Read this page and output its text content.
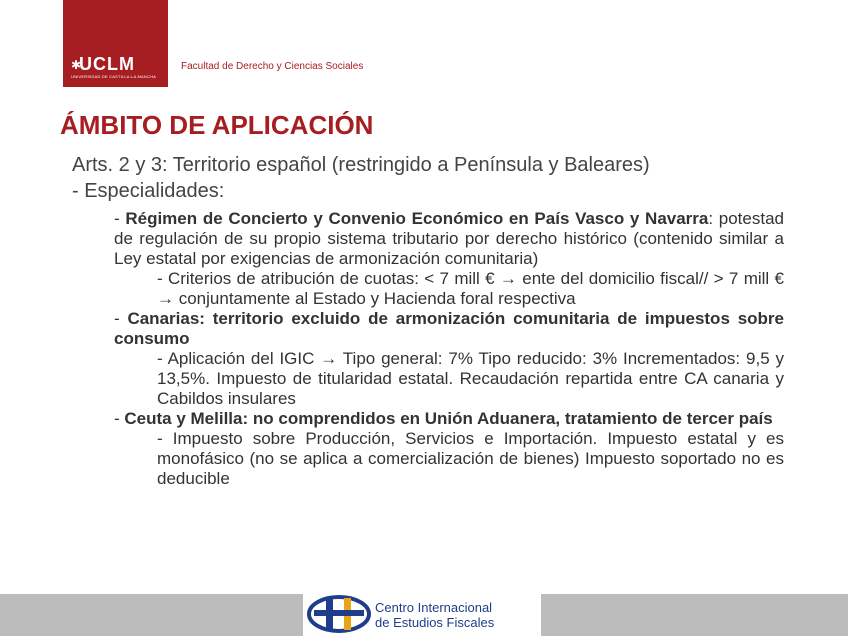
✱
UCLM
UNIVERSIDAD DE CASTILLA-LA MANCHA
Facultad de Derecho y Ciencias Sociales
ÁMBITO DE APLICACIÓN
Arts. 2 y 3: Territorio español (restringido a Península y Baleares)
- Especialidades:

- Régimen de Concierto y Convenio Económico en País Vasco y Navarra: potestad de regulación de su propio sistema tributario por derecho histórico (contenido similar a Ley estatal por exigencias de armonización comunitaria)

- Criterios de atribución de cuotas: < 7 mill € → ente del domicilio fiscal// > 7 mill € → conjuntamente al Estado y Hacienda foral respectiva

- Canarias: territorio excluido de armonización comunitaria de impuestos sobre consumo

- Aplicación del IGIC → Tipo general: 7% Tipo reducido: 3% Incrementados: 9,5 y 13,5%. Impuesto de titularidad estatal. Recaudación repartida entre CA canaria y Cabildos insulares

- Ceuta y Melilla: no comprendidos en Unión Aduanera, tratamiento de tercer país

- Impuesto sobre Producción, Servicios e Importación. Impuesto estatal y es monofásico (no se aplica a comercialización de bienes) Impuesto soportado no es deducible

Centro Internacional
de Estudios Fiscales
